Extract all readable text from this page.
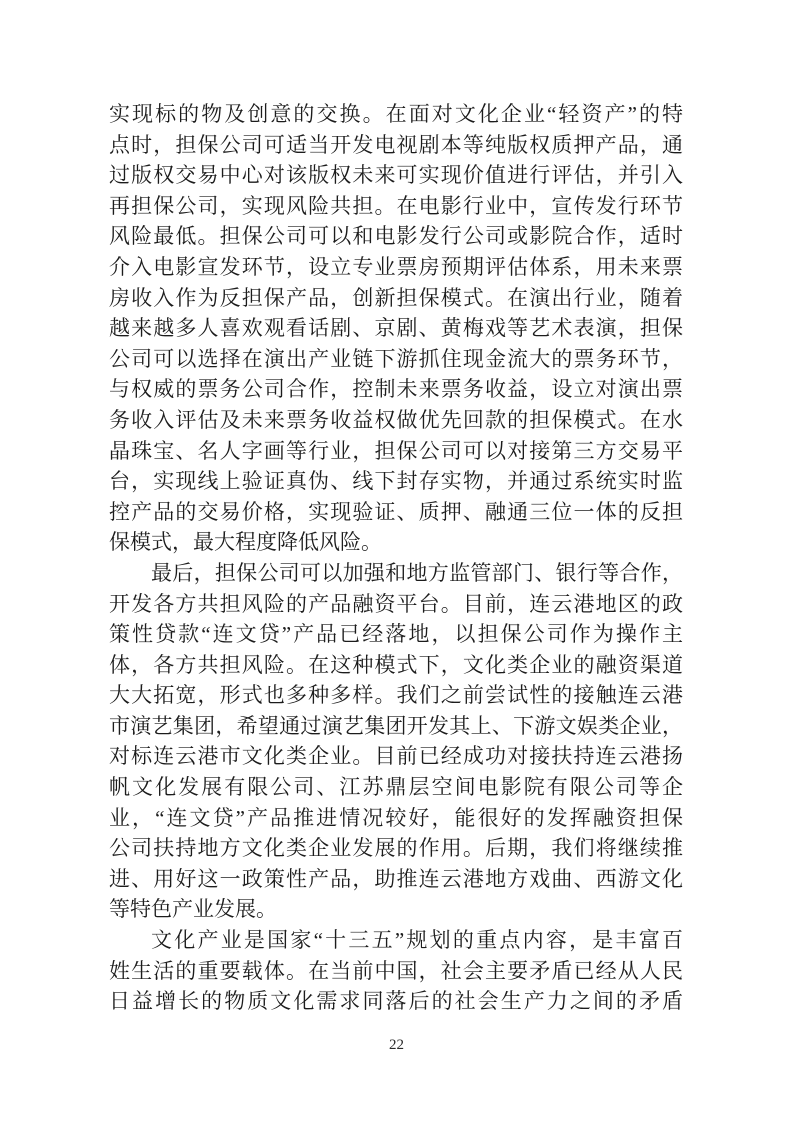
实现标的物及创意的交换。在面对文化企业“轻资产”的特
点时，担保公司可适当开发电视剧本等纯版权质押产品，通
过版权交易中心对该版权未来可实现价值进行评估，并引入
再担保公司，实现风险共担。在电影行业中，宣传发行环节
风险最低。担保公司可以和电影发行公司或影院合作，适时
介入电影宣发环节，设立专业票房预期评估体系，用未来票
房收入作为反担保产品，创新担保模式。在演出行业，随着
越来越多人喜欢观看话剧、京剧、黄梅戏等艺术表演，担保
公司可以选择在演出产业链下游抓住现金流大的票务环节，
与权威的票务公司合作，控制未来票务收益，设立对演出票
务收入评估及未来票务收益权做优先回款的担保模式。在水
晶珠宝、名人字画等行业，担保公司可以对接第三方交易平
台，实现线上验证真伪、线下封存实物，并通过系统实时监
控产品的交易价格，实现验证、质押、融通三位一体的反担
保模式，最大程度降低风险。
最后，担保公司可以加强和地方监管部门、银行等合作，
开发各方共担风险的产品融资平台。目前，连云港地区的政
策性贷款“连文贷”产品已经落地，以担保公司作为操作主
体，各方共担风险。在这种模式下，文化类企业的融资渠道
大大拓宽，形式也多种多样。我们之前尝试性的接触连云港
市演艺集团，希望通过演艺集团开发其上、下游文娱类企业，
对标连云港市文化类企业。目前已经成功对接扶持连云港扬
帆文化发展有限公司、江苏鼎层空间电影院有限公司等企
业，“连文贷”产品推进情况较好，能很好的发挥融资担保
公司扶持地方文化类企业发展的作用。后期，我们将继续推
进、用好这一政策性产品，助推连云港地方戏曲、西游文化
等特色产业发展。
文化产业是国家“十三五”规划的重点内容，是丰富百
姓生活的重要载体。在当前中国，社会主要矛盾已经从人民
日益增长的物质文化需求同落后的社会生产力之间的矛盾
22
